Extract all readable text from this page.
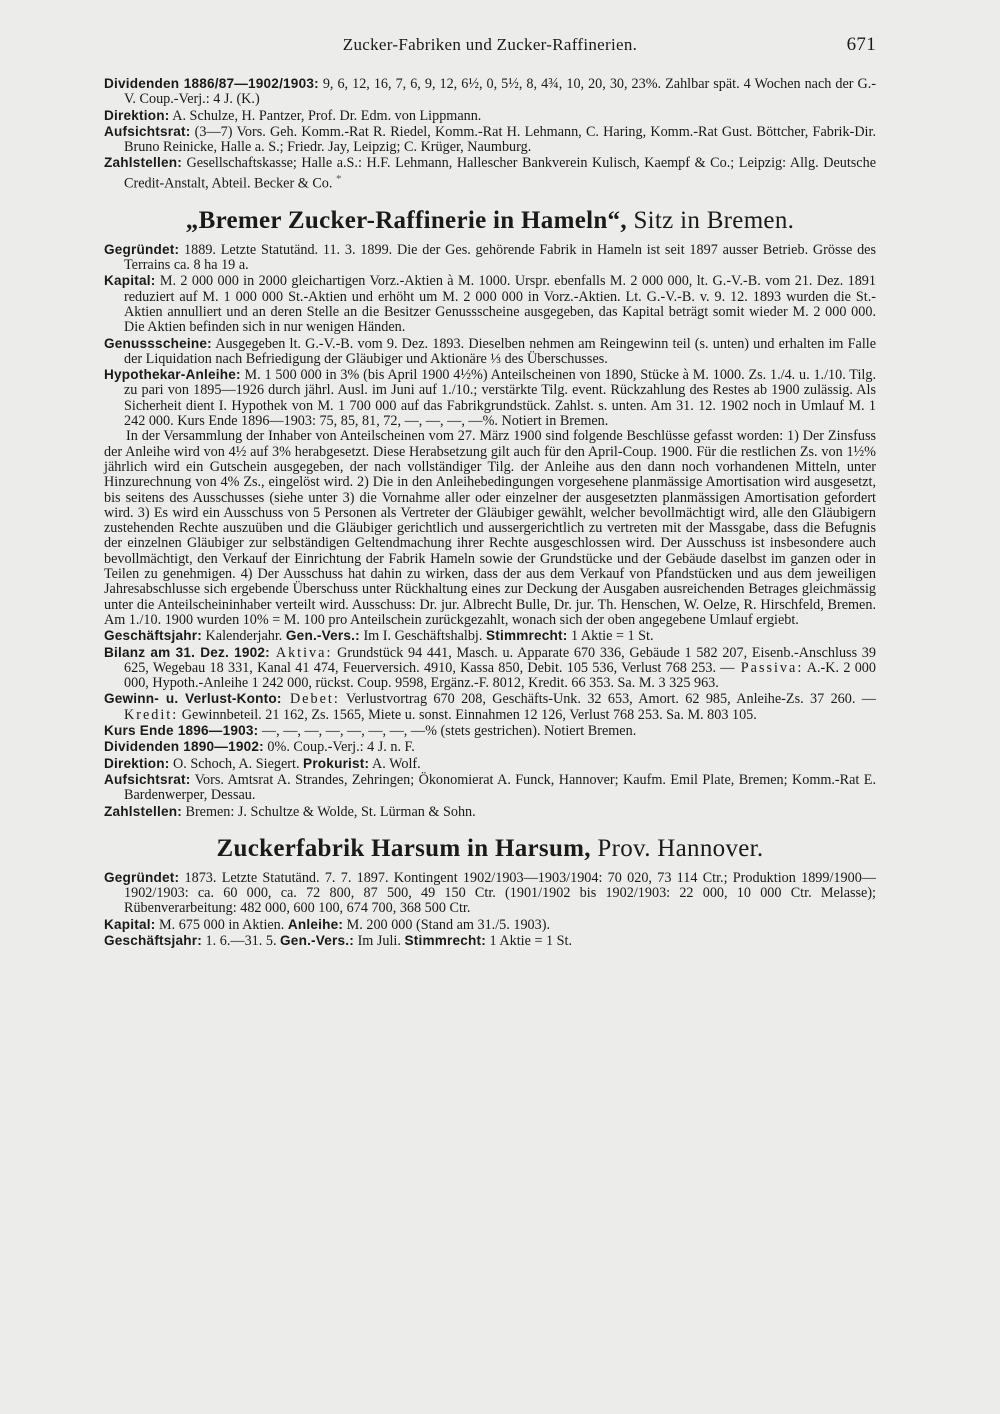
Zucker-Fabriken und Zucker-Raffinerien.	671

Dividenden 1886/87—1902/1903: 9, 6, 12, 16, 7, 6, 9, 12, 6½, 0, 5½, 8, 4¾, 10, 20, 30, 23%. Zahlbar spät. 4 Wochen nach der G.-V. Coup.-Verj.: 4 J. (K.)

Direktion: A. Schulze, H. Pantzer, Prof. Dr. Edm. von Lippmann.

Aufsichtsrat: (3—7) Vors. Geh. Komm.-Rat R. Riedel, Komm.-Rat H. Lehmann, C. Haring, Komm.-Rat Gust. Böttcher, Fabrik-Dir. Bruno Reinicke, Halle a. S.; Friedr. Jay, Leipzig; C. Krüger, Naumburg.

Zahlstellen: Gesellschaftskasse; Halle a.S.: H.F. Lehmann, Hallescher Bankverein Kulisch, Kaempf & Co.; Leipzig: Allg. Deutsche Credit-Anstalt, Abteil. Becker & Co. *

„Bremer Zucker-Raffinerie in Hameln“, Sitz in Bremen.

Gegründet: 1889. Letzte Statutänd. 11. 3. 1899. Die der Ges. gehörende Fabrik in Hameln ist seit 1897 ausser Betrieb. Grösse des Terrains ca. 8 ha 19 a.

Kapital: M. 2 000 000 in 2000 gleichartigen Vorz.-Aktien à M. 1000. Urspr. ebenfalls M. 2 000 000, lt. G.-V.-B. vom 21. Dez. 1891 reduziert auf M. 1 000 000 St.-Aktien und erhöht um M. 2 000 000 in Vorz.-Aktien. Lt. G.-V.-B. v. 9. 12. 1893 wurden die St.-Aktien annulliert und an deren Stelle an die Besitzer Genussscheine ausgegeben, das Kapital beträgt somit wieder M. 2 000 000. Die Aktien befinden sich in nur wenigen Händen.

Genussscheine: Ausgegeben lt. G.-V.-B. vom 9. Dez. 1893. Dieselben nehmen am Reingewinn teil (s. unten) und erhalten im Falle der Liquidation nach Befriedigung der Gläubiger und Aktionäre ⅓ des Überschusses.

Hypothekar-Anleihe: M. 1 500 000 in 3% (bis April 1900 4½%) Anteilscheinen von 1890, Stücke à M. 1000. Zs. 1./4. u. 1./10. Tilg. zu pari von 1895—1926 durch jährl. Ausl. im Juni auf 1./10.; verstärkte Tilg. event. Rückzahlung des Restes ab 1900 zulässig. Als Sicherheit dient I. Hypothek von M. 1 700 000 auf das Fabrikgrundstück. Zahlst. s. unten. Am 31. 12. 1902 noch in Umlauf M. 1 242 000. Kurs Ende 1896—1903: 75, 85, 81, 72, —, —, —, —%. Notiert in Bremen.

In der Versammlung der Inhaber von Anteilscheinen vom 27. März 1900 sind folgende Beschlüsse gefasst worden: 1) Der Zinsfuss der Anleihe wird von 4½ auf 3% herabgesetzt. Diese Herabsetzung gilt auch für den April-Coup. 1900. Für die restlichen Zs. von 1½% jährlich wird ein Gutschein ausgegeben, der nach vollständiger Tilg. der Anleihe aus den dann noch vorhandenen Mitteln, unter Hinzurechnung von 4% Zs., eingelöst wird. 2) Die in den Anleihebedingungen vorgesehene planmässige Amortisation wird ausgesetzt, bis seitens des Ausschusses (siehe unter 3) die Vornahme aller oder einzelner der ausgesetzten planmässigen Amortisation gefordert wird. 3) Es wird ein Ausschuss von 5 Personen als Vertreter der Gläubiger gewählt, welcher bevollmächtigt wird, alle den Gläubigern zustehenden Rechte auszuüben und die Gläubiger gerichtlich und aussergerichtlich zu vertreten mit der Massgabe, dass die Befugnis der einzelnen Gläubiger zur selbständigen Geltendmachung ihrer Rechte ausgeschlossen wird. Der Ausschuss ist insbesondere auch bevollmächtigt, den Verkauf der Einrichtung der Fabrik Hameln sowie der Grundstücke und der Gebäude daselbst im ganzen oder in Teilen zu genehmigen. 4) Der Ausschuss hat dahin zu wirken, dass der aus dem Verkauf von Pfandstücken und aus dem jeweiligen Jahresabschlusse sich ergebende Überschuss unter Rückhaltung eines zur Deckung der Ausgaben ausreichenden Betrages gleichmässig unter die Anteilscheininhaber verteilt wird. Ausschuss: Dr. jur. Albrecht Bulle, Dr. jur. Th. Henschen, W. Oelze, R. Hirschfeld, Bremen. Am 1./10. 1900 wurden 10% = M. 100 pro Anteilschein zurückgezahlt, wonach sich der oben angegebene Umlauf ergiebt.

Geschäftsjahr: Kalenderjahr. Gen.-Vers.: Im I. Geschäftshalbj. Stimmrecht: 1 Aktie = 1 St.

Bilanz am 31. Dez. 1902: Aktiva: Grundstück 94 441, Masch. u. Apparate 670 336, Gebäude 1 582 207, Eisenb.-Anschluss 39 625, Wegebau 18 331, Kanal 41 474, Feuerversich. 4910, Kassa 850, Debit. 105 536, Verlust 768 253. — Passiva: A.-K. 2 000 000, Hypoth.-Anleihe 1 242 000, rückst. Coup. 9598, Ergänz.-F. 8012, Kredit. 66 353. Sa. M. 3 325 963.

Gewinn- u. Verlust-Konto: Debet: Verlustvortrag 670 208, Geschäfts-Unk. 32 653, Amort. 62 985, Anleihe-Zs. 37 260. — Kredit: Gewinnbeteil. 21 162, Zs. 1565, Miete u. sonst. Einnahmen 12 126, Verlust 768 253. Sa. M. 803 105.

Kurs Ende 1896—1903: —, —, —, —, —, —, —, —% (stets gestrichen). Notiert Bremen.

Dividenden 1890—1902: 0%. Coup.-Verj.: 4 J. n. F.

Direktion: O. Schoch, A. Siegert. Prokurist: A. Wolf.

Aufsichtsrat: Vors. Amtsrat A. Strandes, Zehringen; Ökonomierat A. Funck, Hannover; Kaufm. Emil Plate, Bremen; Komm.-Rat E. Bardenwerper, Dessau.

Zahlstellen: Bremen: J. Schultze & Wolde, St. Lürman & Sohn.

Zuckerfabrik Harsum in Harsum, Prov. Hannover.

Gegründet: 1873. Letzte Statutänd. 7. 7. 1897. Kontingent 1902/1903—1903/1904: 70 020, 73 114 Ctr.; Produktion 1899/1900—1902/1903: ca. 60 000, ca. 72 800, 87 500, 49 150 Ctr. (1901/1902 bis 1902/1903: 22 000, 10 000 Ctr. Melasse); Rübenverarbeitung: 482 000, 600 100, 674 700, 368 500 Ctr.

Kapital: M. 675 000 in Aktien. Anleihe: M. 200 000 (Stand am 31./5. 1903).

Geschäftsjahr: 1. 6.—31. 5. Gen.-Vers.: Im Juli. Stimmrecht: 1 Aktie = 1 St.
